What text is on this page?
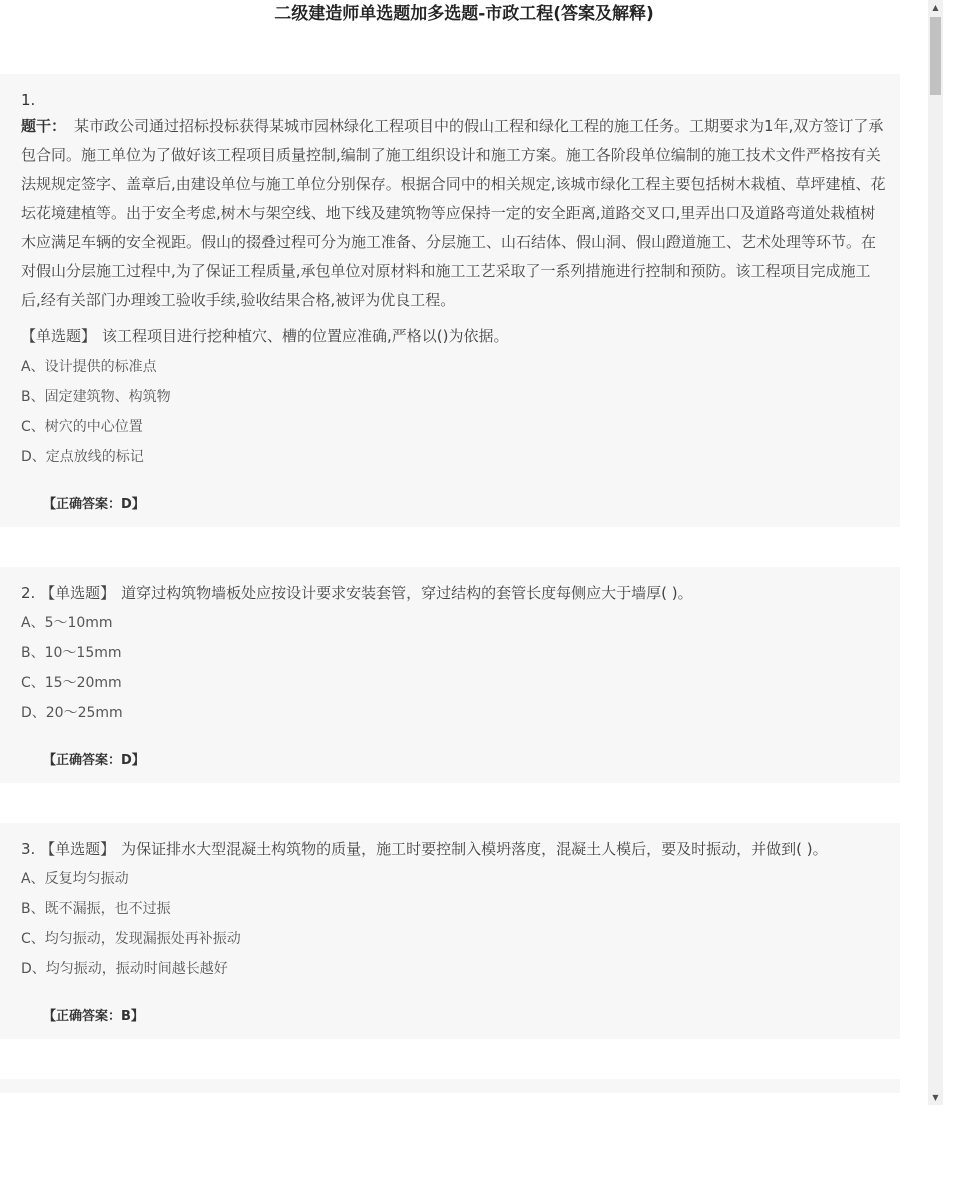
二级建造师单选题加多选题-市政工程(答案及解释)
1.
题干： 某市政公司通过招标投标获得某城市园林绿化工程项目中的假山工程和绿化工程的施工任务。工期要求为1年,双方签订了承包合同。施工单位为了做好该工程项目质量控制,编制了施工组织设计和施工方案。施工各阶段单位编制的施工技术文件严格按有关法规规定签字、盖章后,由建设单位与施工单位分别保存。根据合同中的相关规定,该城市绿化工程主要包括树木栽植、草坪建植、花坛花境建植等。出于安全考虑,树木与架空线、地下线及建筑物等应保持一定的安全距离,道路交叉口,里弄出口及道路弯道处栽植树木应满足车辆的安全视距。假山的掇叠过程可分为施工准备、分层施工、山石结体、假山洞、假山蹬道施工、艺术处理等环节。在对假山分层施工过程中,为了保证工程质量,承包单位对原材料和施工工艺采取了一系列措施进行控制和预防。该工程项目完成施工后,经有关部门办理竣工验收手续,验收结果合格,被评为优良工程。
【单选题】 该工程项目进行挖种植穴、槽的位置应准确,严格以()为依据。
A、设计提供的标准点
B、固定建筑物、构筑物
C、树穴的中心位置
D、定点放线的标记
【正确答案：D】
2. 【单选题】 道穿过构筑物墙板处应按设计要求安装套管，穿过结构的套管长度每侧应大于墙厚( )。
A、5～10mm
B、10～15mm
C、15～20mm
D、20～25mm
【正确答案：D】
3. 【单选题】 为保证排水大型混凝土构筑物的质量，施工时要控制入模坍落度，混凝土人模后，要及时振动，并做到( )。
A、反复均匀振动
B、既不漏振，也不过振
C、均匀振动，发现漏振处再补振动
D、均匀振动，振动时间越长越好
【正确答案：B】
▲
▼
